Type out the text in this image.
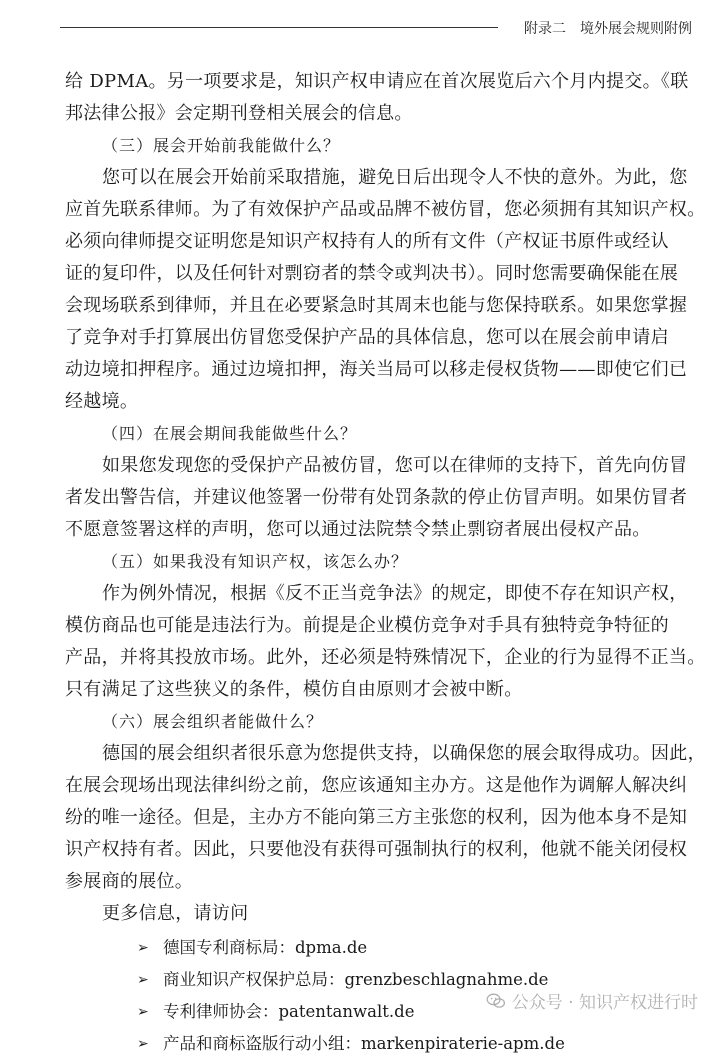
附录二　境外展会规则附例
给 DPMA。另一项要求是，知识产权申请应在首次展览后六个月内提交。《联
邦法律公报》会定期刊登相关展会的信息。
（三）展会开始前我能做什么？
您可以在展会开始前采取措施，避免日后出现令人不快的意外。为此，您
应首先联系律师。为了有效保护产品或品牌不被仿冒，您必须拥有其知识产权。
必须向律师提交证明您是知识产权持有人的所有文件（产权证书原件或经认
证的复印件，以及任何针对剽窃者的禁令或判决书）。同时您需要确保能在展
会现场联系到律师，并且在必要紧急时其周末也能与您保持联系。如果您掌握
了竞争对手打算展出仿冒您受保护产品的具体信息，您可以在展会前申请启
动边境扣押程序。通过边境扣押，海关当局可以移走侵权货物——即使它们已
经越境。
（四）在展会期间我能做些什么？
如果您发现您的受保护产品被仿冒，您可以在律师的支持下，首先向仿冒
者发出警告信，并建议他签署一份带有处罚条款的停止仿冒声明。如果仿冒者
不愿意签署这样的声明，您可以通过法院禁令禁止剽窃者展出侵权产品。
（五）如果我没有知识产权，该怎么办？
作为例外情况，根据《反不正当竞争法》的规定，即使不存在知识产权，
模仿商品也可能是违法行为。前提是企业模仿竞争对手具有独特竞争特征的
产品，并将其投放市场。此外，还必须是特殊情况下，企业的行为显得不正当。
只有满足了这些狭义的条件，模仿自由原则才会被中断。
（六）展会组织者能做什么？
德国的展会组织者很乐意为您提供支持，以确保您的展会取得成功。因此，
在展会现场出现法律纠纷之前，您应该通知主办方。这是他作为调解人解决纠
纷的唯一途径。但是，主办方不能向第三方主张您的权利，因为他本身不是知
识产权持有者。因此，只要他没有获得可强制执行的权利，他就不能关闭侵权
参展商的展位。
更多信息，请访问
➢ 德国专利商标局：dpma.de
➢ 商业知识产权保护总局：grenzbeschlagnahme.de
➢ 专利律师协会：patentanwalt.de
➢ 产品和商标盗版行动小组：markenpiraterie-apm.de
公众号 · 知识产权进行时
